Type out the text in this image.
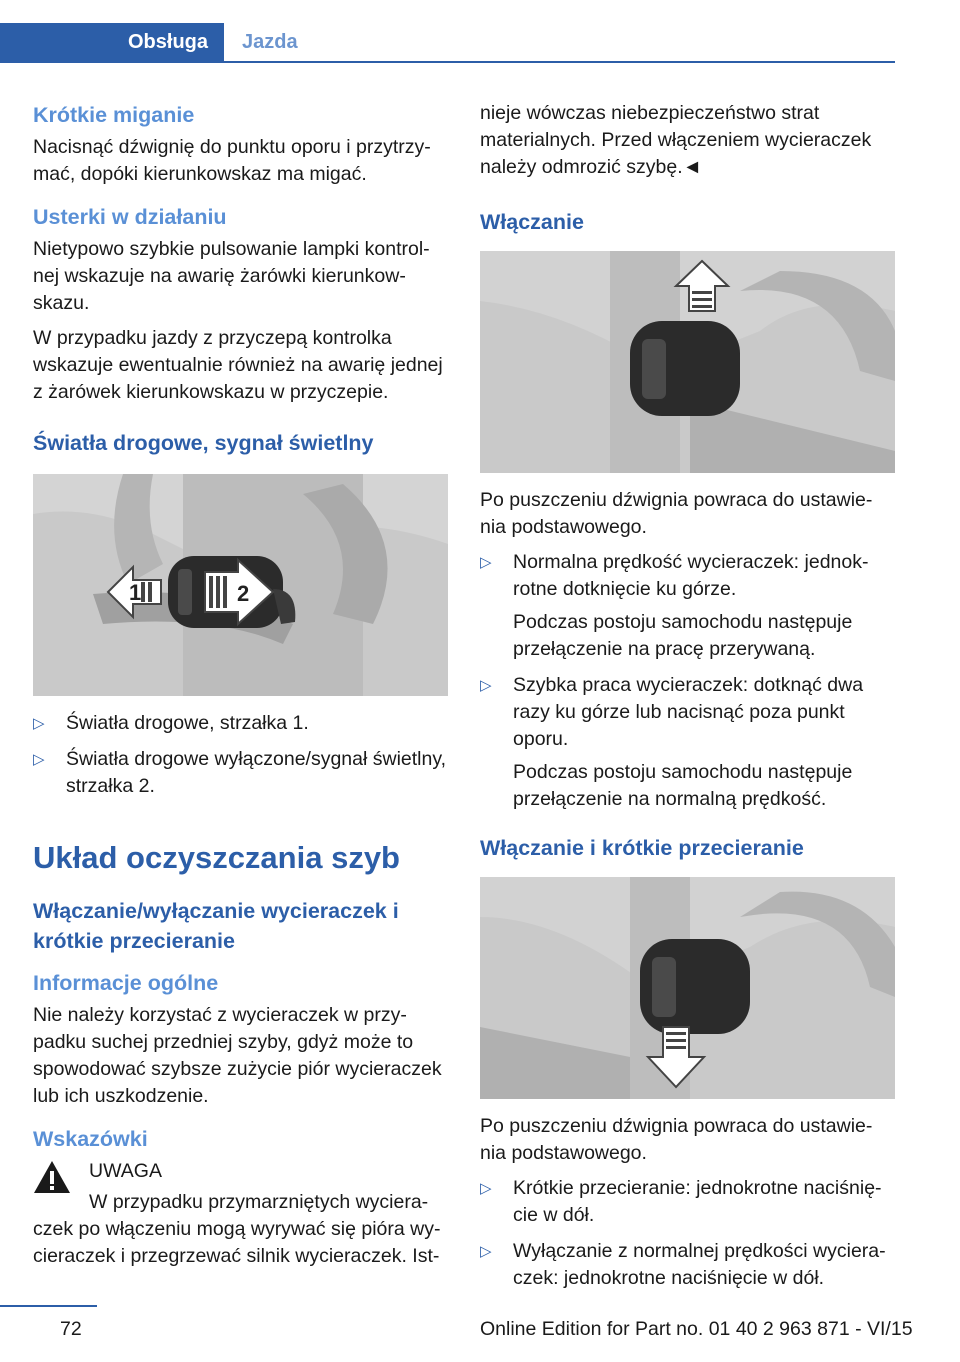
Obsługa Jazda
Krótkie miganie

Nacisnąć dźwignię do punktu oporu i przytrzy-mać, dopóki kierunkowskaz ma migać.

Usterki w działaniu

Nietypowo szybkie pulsowanie lampki kontrol-nej wskazuje na awarię żarówki kierunkow-skazu.

W przypadku jazdy z przyczepą kontrolka wskazuje ewentualnie również na awarię jednej z żarówek kierunkowskazu w przyczepie.

Światła drogowe, sygnał świetlny
1	2
▷ Światła drogowe, strzałka 1.
▷ Światła drogowe wyłączone/sygnał świetlny, strzałka 2.
Układ oczyszczania szyb
Włączanie/wyłączanie wycieraczek i krótkie przecieranie
Informacje ogólne

Nie należy korzystać z wycieraczek w przy-padku suchej przedniej szyby, gdyż może to spowodować szybsze zużycie piór wycieraczek lub ich uszkodzenie.

Wskazówki

UWAGA

W przypadku przymarzniętych wyciera-czek po włączeniu mogą wyrywać się pióra wy-cieraczek i przegrzewać silnik wycieraczek. Ist-

nieje wówczas niebezpieczeństwo strat materialnych. Przed włączeniem wycieraczek należy odmrozić szybę.◄

Włączanie

Po puszczeniu dźwignia powraca do ustawie-nia podstawowego.

▷ Normalna prędkość wycieraczek: jednok-rotne dotknięcie ku górze.
Podczas postoju samochodu następuje przełączenie na pracę przerywaną.
▷ Szybka praca wycieraczek: dotknąć dwa razy ku górze lub nacisnąć poza punkt oporu.
Podczas postoju samochodu następuje przełączenie na normalną prędkość.
Włączanie i krótkie przecieranie

Po puszczeniu dźwignia powraca do ustawie-nia podstawowego.

▷ Krótkie przecieranie: jednokrotne naciśnię-cie w dół.
▷ Wyłączanie z normalnej prędkości wyciera-czek: jednokrotne naciśnięcie w dół.
72	Online Edition for Part no. 01 40 2 963 871 - VI/15
